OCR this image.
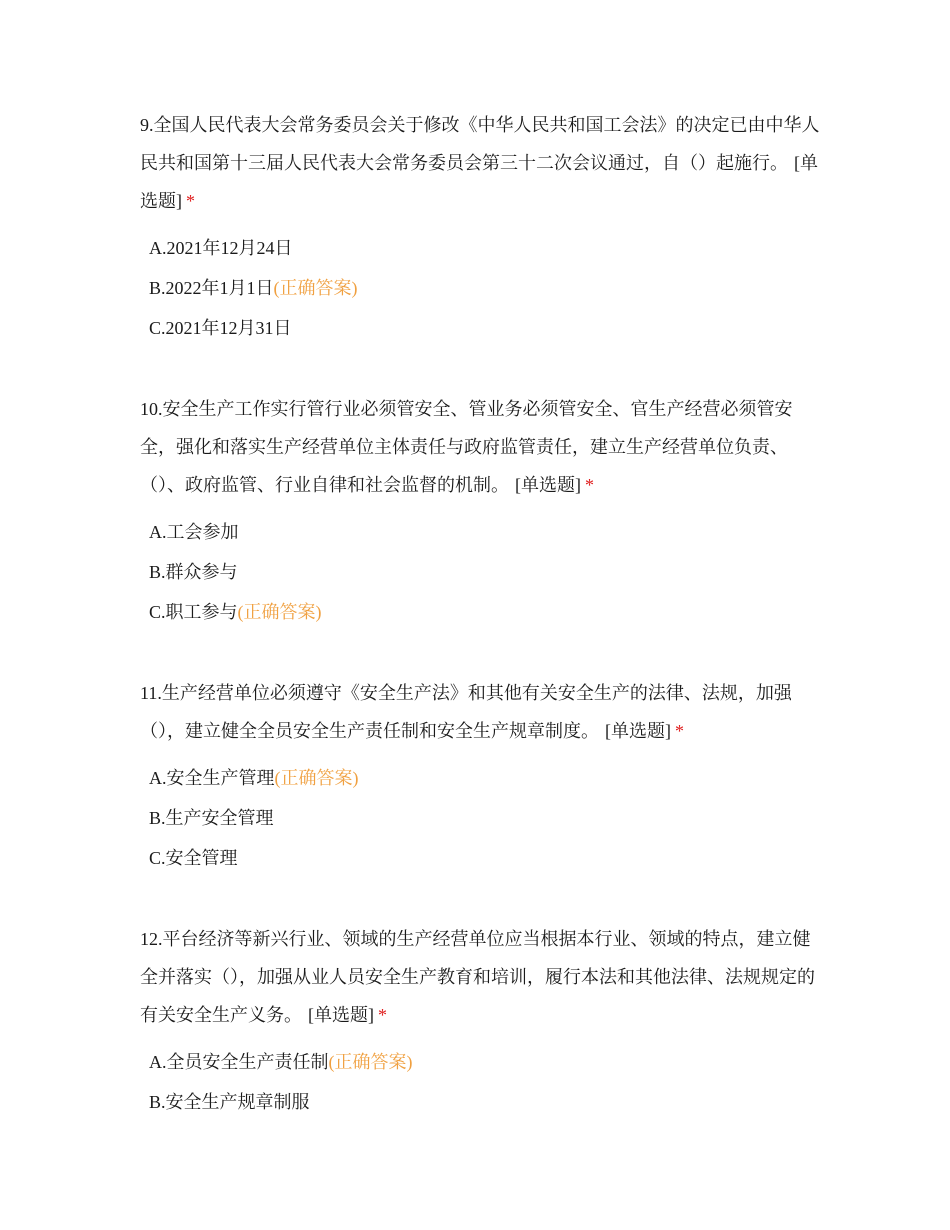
9.全国人民代表大会常务委员会关于修改《中华人民共和国工会法》的决定已由中华人民共和国第十三届人民代表大会常务委员会第三十二次会议通过，自（）起施行。 [单选题] *

A.2021年12月24日
B.2022年1月1日(正确答案)
C.2021年12月31日

10.安全生产工作实行管行业必须管安全、管业务必须管安全、官生产经营必须管安全，强化和落实生产经营单位主体责任与政府监管责任，建立生产经营单位负责、（）、政府监管、行业自律和社会监督的机制。 [单选题] *

A.工会参加
B.群众参与
C.职工参与(正确答案)

11.生产经营单位必须遵守《安全生产法》和其他有关安全生产的法律、法规，加强（），建立健全全员安全生产责任制和安全生产规章制度。 [单选题] *

A.安全生产管理(正确答案)
B.生产安全管理
C.安全管理

12.平台经济等新兴行业、领域的生产经营单位应当根据本行业、领域的特点，建立健全并落实（），加强从业人员安全生产教育和培训，履行本法和其他法律、法规规定的有关安全生产义务。 [单选题] *

A.全员安全生产责任制(正确答案)
B.安全生产规章制服
